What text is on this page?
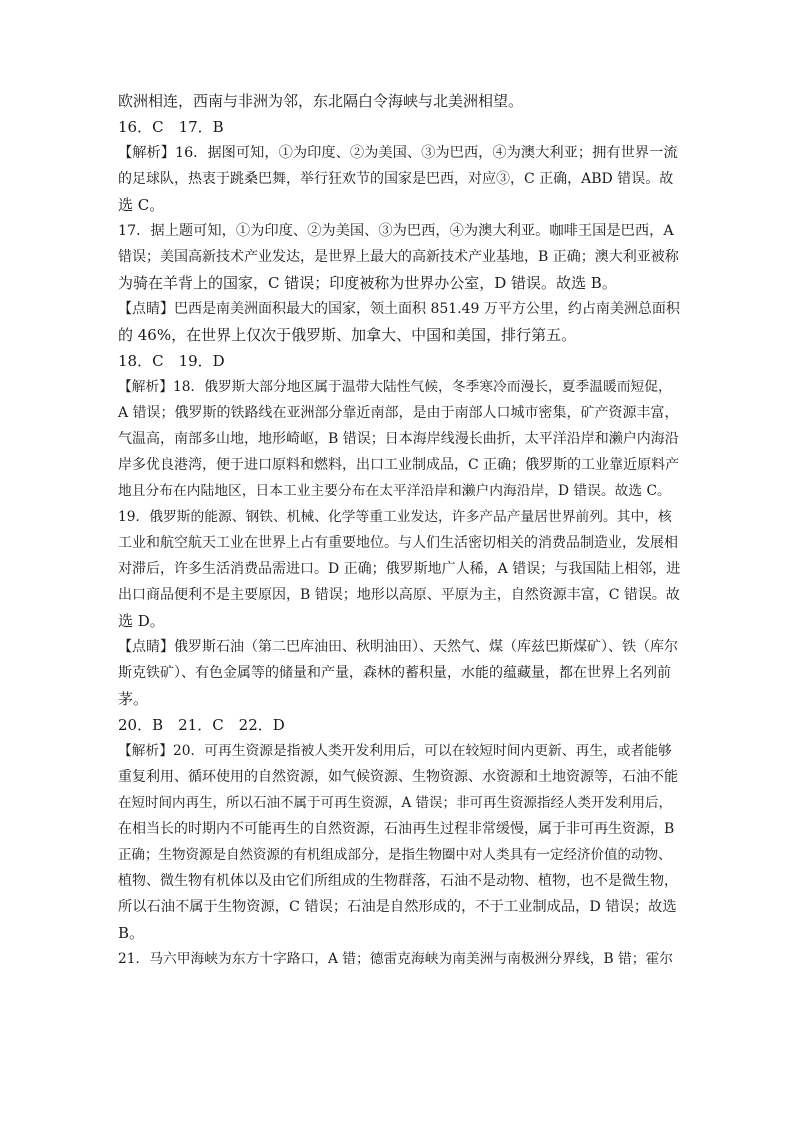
欧洲相连，西南与非洲为邻，东北隔白令海峡与北美洲相望。
16．C　17．B
【解析】16．据图可知，①为印度、②为美国、③为巴西，④为澳大利亚；拥有世界一流
的足球队，热衷于跳桑巴舞，举行狂欢节的国家是巴西，对应③，C 正确，ABD 错误。故
选 C。
17．据上题可知，①为印度、②为美国、③为巴西，④为澳大利亚。咖啡王国是巴西，A
错误；美国高新技术产业发达，是世界上最大的高新技术产业基地，B 正确；澳大利亚被称
为骑在羊背上的国家，C 错误；印度被称为世界办公室，D 错误。故选 B。
【点睛】巴西是南美洲面积最大的国家，领土面积 851.49 万平方公里，约占南美洲总面积
的 46%，在世界上仅次于俄罗斯、加拿大、中国和美国，排行第五。
18．C　19．D
【解析】18．俄罗斯大部分地区属于温带大陆性气候，冬季寒冷而漫长，夏季温暖而短促，
A 错误；俄罗斯的铁路线在亚洲部分靠近南部，是由于南部人口城市密集，矿产资源丰富，
气温高，南部多山地，地形崎岖，B 错误；日本海岸线漫长曲折，太平洋沿岸和濑户内海沿
岸多优良港湾，便于进口原料和燃料，出口工业制成品，C 正确；俄罗斯的工业靠近原料产
地且分布在内陆地区，日本工业主要分布在太平洋沿岸和濑户内海沿岸，D 错误。故选 C。
19．俄罗斯的能源、钢铁、机械、化学等重工业发达，许多产品产量居世界前列。其中，核
工业和航空航天工业在世界上占有重要地位。与人们生活密切相关的消费品制造业，发展相
对滞后，许多生活消费品需进口。D 正确；俄罗斯地广人稀，A 错误；与我国陆上相邻，进
出口商品便利不是主要原因，B 错误；地形以高原、平原为主，自然资源丰富，C 错误。故
选 D。
【点睛】俄罗斯石油（第二巴库油田、秋明油田）、天然气、煤（库兹巴斯煤矿）、铁（库尔
斯克铁矿）、有色金属等的储量和产量，森林的蓄积量，水能的蕴藏量，都在世界上名列前
茅。
20．B　21．C　22．D
【解析】20．可再生资源是指被人类开发利用后，可以在较短时间内更新、再生，或者能够
重复利用、循环使用的自然资源，如气候资源、生物资源、水资源和土地资源等，石油不能
在短时间内再生，所以石油不属于可再生资源，A 错误；非可再生资源指经人类开发利用后，
在相当长的时期内不可能再生的自然资源，石油再生过程非常缓慢，属于非可再生资源，B
正确；生物资源是自然资源的有机组成部分，是指生物圈中对人类具有一定经济价值的动物、
植物、微生物有机体以及由它们所组成的生物群落，石油不是动物、植物，也不是微生物，
所以石油不属于生物资源，C 错误；石油是自然形成的，不于工业制成品，D 错误；故选
B。
21．马六甲海峡为东方十字路口，A 错；德雷克海峡为南美洲与南极洲分界线，B 错；霍尔
